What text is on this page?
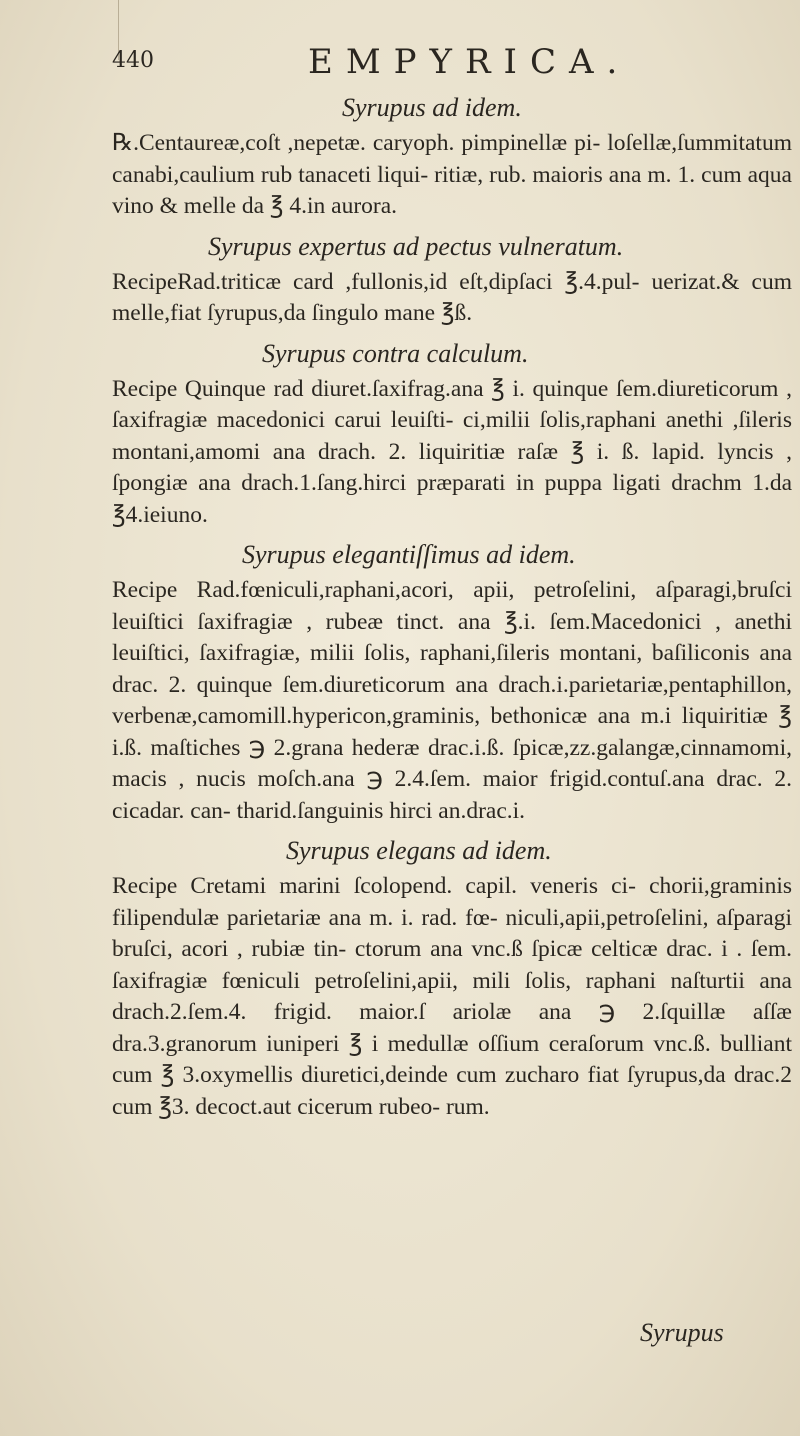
440	EMPYRICA.
Syrupus ad idem.
℞.Centaureæ,coſt ,nepetæ. caryoph. pimpinellæ pi- loſellæ,ſummitatum canabi,caulium rub tanaceti liqui- ritiæ, rub. maioris ana m. 1. cum aqua vino & melle da ℥ 4.in aurora.
Syrupus expertus ad pectus vulneratum.
RecipeRad.triticæ card ,fullonis,id eſt,dipſaci ℥.4.pul- uerizat.& cum melle,fiat ſyrupus,da ſingulo mane ℥ß.
Syrupus contra calculum.
Recipe Quinque rad diuret.ſaxifrag.ana ℥ i. quinque ſem.diureticorum , ſaxifragiæ macedonici carui leuiſti- ci,milii ſolis,raphani anethi ,ſileris montani,amomi ana drach. 2. liquiritiæ raſæ ℥ i. ß. lapid. lyncis , ſpongiæ ana drach.1.ſang.hirci præparati in puppa ligati drachm 1.da ℥4.ieiuno.
Syrupus elegantiſſimus ad idem.
Recipe Rad.fœniculi,raphani,acori, apii, petroſelini, aſparagi,bruſci leuiſtici ſaxifragiæ , rubeæ tinct. ana ℥.i. ſem.Macedonici , anethi leuiſtici, ſaxifragiæ, milii ſolis, raphani,ſileris montani, baſiliconis ana drac. 2. quinque ſem.diureticorum ana drach.i.parietariæ,pentaphillon, verbenæ,camomill.hypericon,graminis, bethonicæ ana m.i liquiritiæ ℥ i.ß. maſtiches ℈ 2.grana hederæ drac.i.ß. ſpicæ,zz.galangæ,cinnamomi, macis , nucis moſch.ana ℈ 2.4.ſem. maior frigid.contuſ.ana drac. 2. cicadar. can- tharid.ſanguinis hirci an.drac.i.
Syrupus elegans ad idem.
Recipe Cretami marini ſcolopend. capil. veneris ci- chorii,graminis filipendulæ parietariæ ana m. i. rad. fœ- niculi,apii,petroſelini, aſparagi bruſci, acori , rubiæ tin- ctorum ana vnc.ß ſpicæ celticæ drac. i . ſem. ſaxifragiæ fœniculi petroſelini,apii, mili ſolis, raphani naſturtii ana drach.2.ſem.4. frigid. maior.ſ ariolæ ana ℈ 2.ſquillæ aſſæ dra.3.granorum iuniperi ℥ i medullæ oſſium ceraſorum vnc.ß. bulliant cum ℥ 3.oxymellis diuretici,deinde cum zucharo fiat ſyrupus,da drac.2 cum ℥3. decoct.aut cicerum rubeo- rum.
Syrupus
